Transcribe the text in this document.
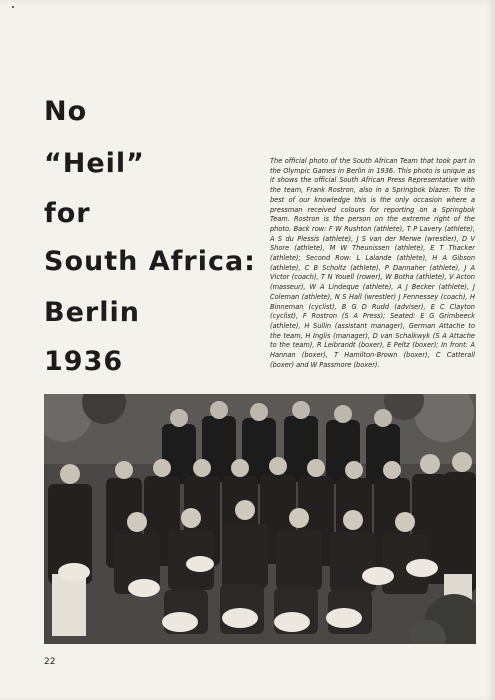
No
“Heil”
for
South Africa:
Berlin
1936
The official photo of the South African Team that took part in the Olympic Games in Berlin in 1936. This photo is unique as it shows the official South African Press Representative with the team, Frank Rostron, also in a Springbok blazer. To the best of our knowledge this is the only occasion where a pressman received colours for reporting on a Springbok Team. Rostron is the person on the extreme right of the photo. Back row: F W Rushton (athlete), T P Lavery (athlete), A S du Plessis (athlete), J S van der Merwe (wrestler), D V Shore (athlete), M W Theunissen (athlete), E T Thacker (athlete); Second Row: L Lalande (athlete), H A Gibson (athlete), C B Scholtz (athlete), P Dannaher (athlete), J A Victor (coach), T N Youell (rower), W Botha (athlete), V Acton (masseur), W A Lindeque (athlete), A J Becker (athlete), J Coleman (athlete), N S Hall (wrestler) J Fennessey (coach), H Binneman (cyclist), B G D Rudd (adviser), E C Clayton (cyclist), F Rostron (S A Press); Seated: E G Grimbeeck (athlete), H Sullin (assistant manager), German Attache to the team, H Inglis (manager), D van Schalkwyk (S A Attache to the team), R Leibrandt (boxer), E Peltz (boxer); In front: A Hannan (boxer), T Hamilton-Brown (boxer), C Catterall (boxer) and W Passmore (boxer).
22
